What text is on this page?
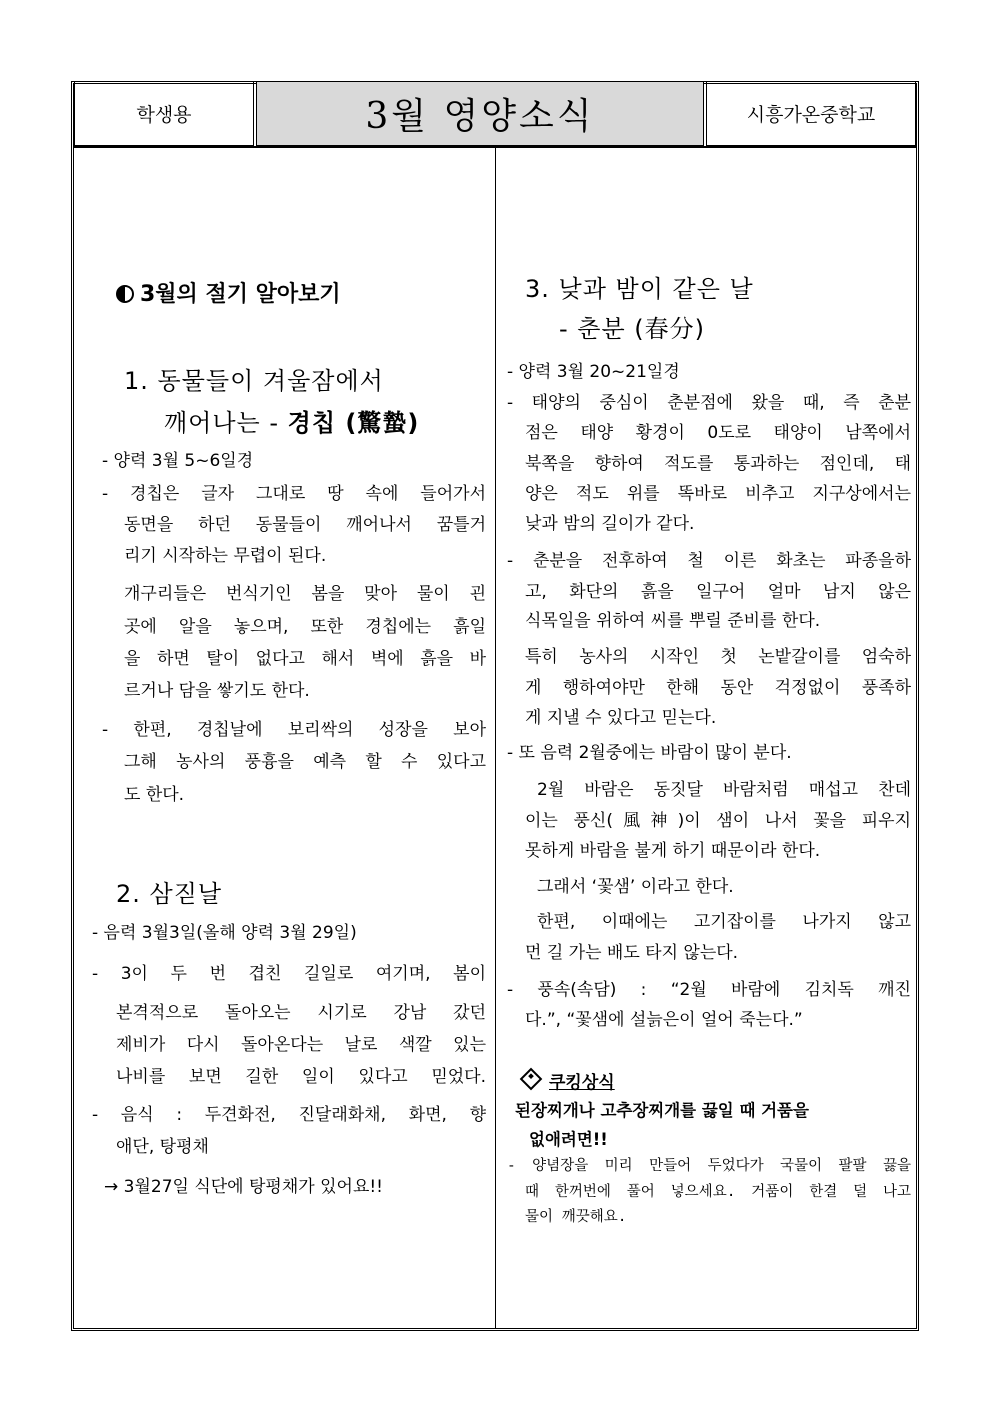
학생용	3월 영양소식	시흥가온중학교
3월의 절기 알아보기
1. 동물들이 겨울잠에서
깨어나는 - 경칩 (驚蟄)
- 양력 3월 5~6일경
- 경칩은 글자 그대로 땅 속에 들어가서
동면을 하던 동물들이 깨어나서 꿈틀거
리기 시작하는 무렵이 된다.
개구리들은 번식기인 봄을 맞아 물이 괸
곳에 알을 놓으며, 또한 경칩에는 흙일
을 하면 탈이 없다고 해서 벽에 흙을 바
르거나 담을 쌓기도 한다.
- 한편, 경칩날에 보리싹의 성장을 보아
그해 농사의 풍흉을 예측 할 수 있다고
도 한다.
2. 삼짇날
- 음력 3월3일(올해 양력 3월 29일)
- 3이 두 번 겹친 길일로 여기며, 봄이
본격적으로 돌아오는 시기로 강남 갔던
제비가 다시 돌아온다는 날로 색깔 있는
나비를 보면 길한 일이 있다고 믿었다.
- 음식 : 두견화전, 진달래화채, 화면, 향
애단, 탕평채
→ 3월27일 식단에 탕평채가 있어요!!
3. 낮과 밤이 같은 날
- 춘분 (春分)
- 양력 3월 20~21일경
- 태양의 중심이 춘분점에 왔을 때, 즉 춘분
점은 태양 황경이 0도로 태양이 남쪽에서
북쪽을 향하여 적도를 통과하는 점인데, 태
양은 적도 위를 똑바로 비추고 지구상에서는
낮과 밤의 길이가 같다.
- 춘분을 전후하여 철 이른 화초는 파종을하
고, 화단의 흙을 일구어 얼마 남지 않은
식목일을 위하여 씨를 뿌릴 준비를 한다.
특히 농사의 시작인 첫 논밭갈이를 엄숙하
게 행하여야만 한해 동안 걱정없이 풍족하
게 지낼 수 있다고 믿는다.
- 또 음력 2월중에는 바람이 많이 분다.
2월 바람은 동짓달 바람처럼 매섭고 찬데
이는 풍신(風神)이 샘이 나서 꽃을 피우지
못하게 바람을 불게 하기 때문이라 한다.
그래서 ‘꽃샘’ 이라고 한다.
한편, 이때에는 고기잡이를 나가지 않고
먼 길 가는 배도 타지 않는다.
- 풍속(속담) : “2월 바람에 김치독 깨진
다.”, “꽃샘에 설늙은이 얼어 죽는다.”
쿠킹상식
된장찌개나 고추장찌개를 끓일 때 거품을
없애려면!!
- 양념장을 미리 만들어 두었다가 국물이 팔팔 끓을
때 한꺼번에 풀어 넣으세요. 거품이 한결 덜 나고
물이 깨끗해요.
